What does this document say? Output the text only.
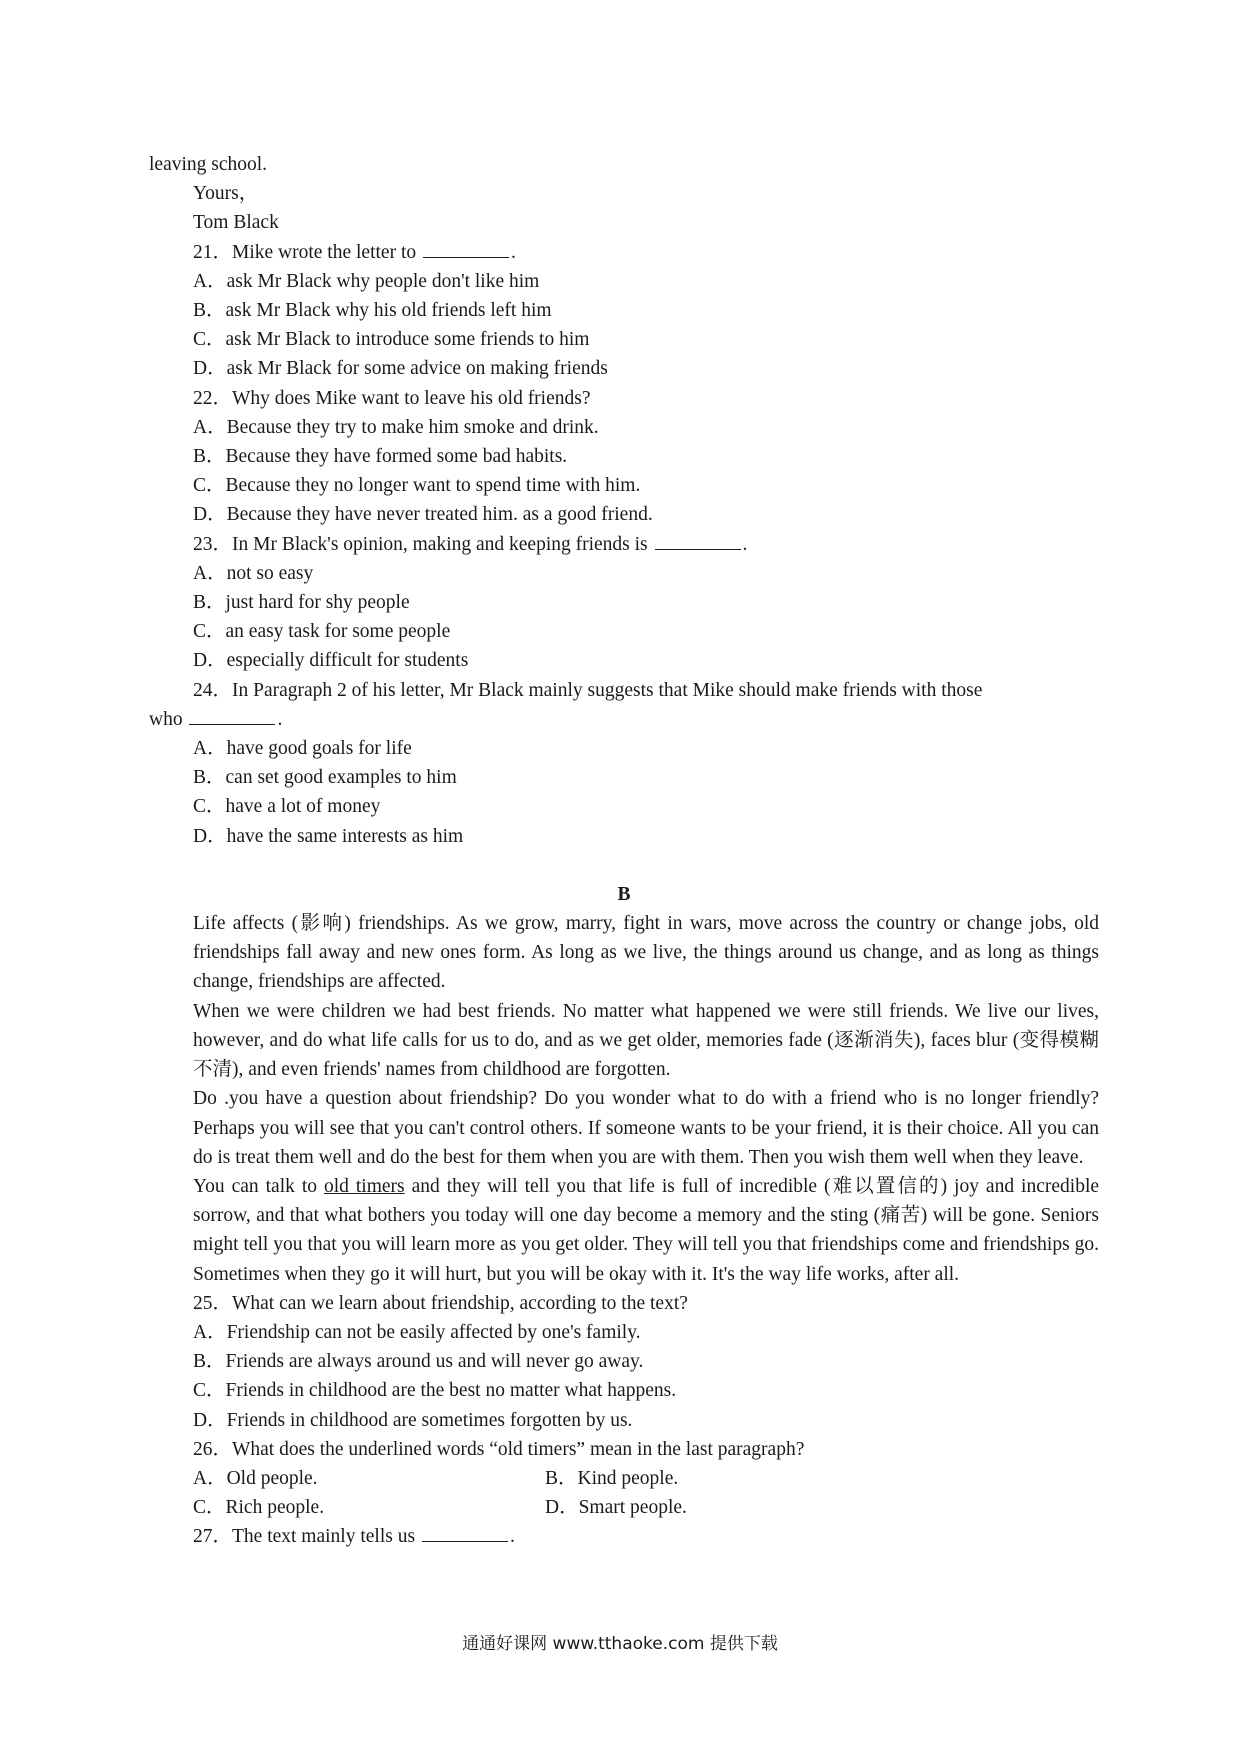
leaving school.

Yours，

Tom Black

21．Mike wrote the letter to	.

A．ask Mr Black why people don't like him

B．ask Mr Black why his old friends left him

C．ask Mr Black to introduce some friends to him

D．ask Mr Black for some advice on making friends

22．Why does Mike want to leave his old friends?

A．Because they try to make him smoke and drink.

B．Because they have formed some bad habits.

C．Because they no longer want to spend time with him.

D．Because they have never treated him. as a good friend.

23．In Mr Black's opinion, making and keeping friends is	.

A．not so easy

B．just hard for shy people

C．an easy task for some people

D．especially difficult for students

24．In Paragraph 2 of his letter, Mr Black mainly suggests that Mike should make friends with those

who	.

A．have good goals for life

B．can set good examples to him

C．have a lot of money

D．have the same interests as him

B

Life affects (影响) friendships. As we grow, marry, fight in wars, move across the country or change jobs, old friendships fall away and new ones form. As long as we live, the things around us change, and as long as things change, friendships are affected.

When we were children we had best friends. No matter what happened we were still friends. We live our lives, however, and do what life calls for us to do, and as we get older, memories fade (逐渐消失), faces blur (变得模糊不清), and even friends' names from childhood are forgotten.

Do .you have a question about friendship? Do you wonder what to do with a friend who is no longer friendly? Perhaps you will see that you can't control others. If someone wants to be your friend, it is their choice. All you can do is treat them well and do the best for them when you are with them. Then you wish them well when they leave.

You can talk to old timers and they will tell you that life is full of incredible (难以置信的) joy and incredible sorrow, and that what bothers you today will one day become a memory and the sting (痛苦) will be gone. Seniors might tell you that you will learn more as you get older. They will tell you that friendships come and friendships go. Sometimes when they go it will hurt, but you will be okay with it. It's the way life works, after all.

25．What can we learn about friendship, according to the text?

A．Friendship can not be easily affected by one's family.

B．Friends are always around us and will never go away.

C．Friends in childhood are the best no matter what happens.

D．Friends in childhood are sometimes forgotten by us.

26．What does the underlined words “old timers” mean in the last paragraph?

A．Old people.	B．Kind people.
C．Rich people.	D．Smart people.

27．The text mainly tells us	.

通通好课网 www.tthaoke.com 提供下载
